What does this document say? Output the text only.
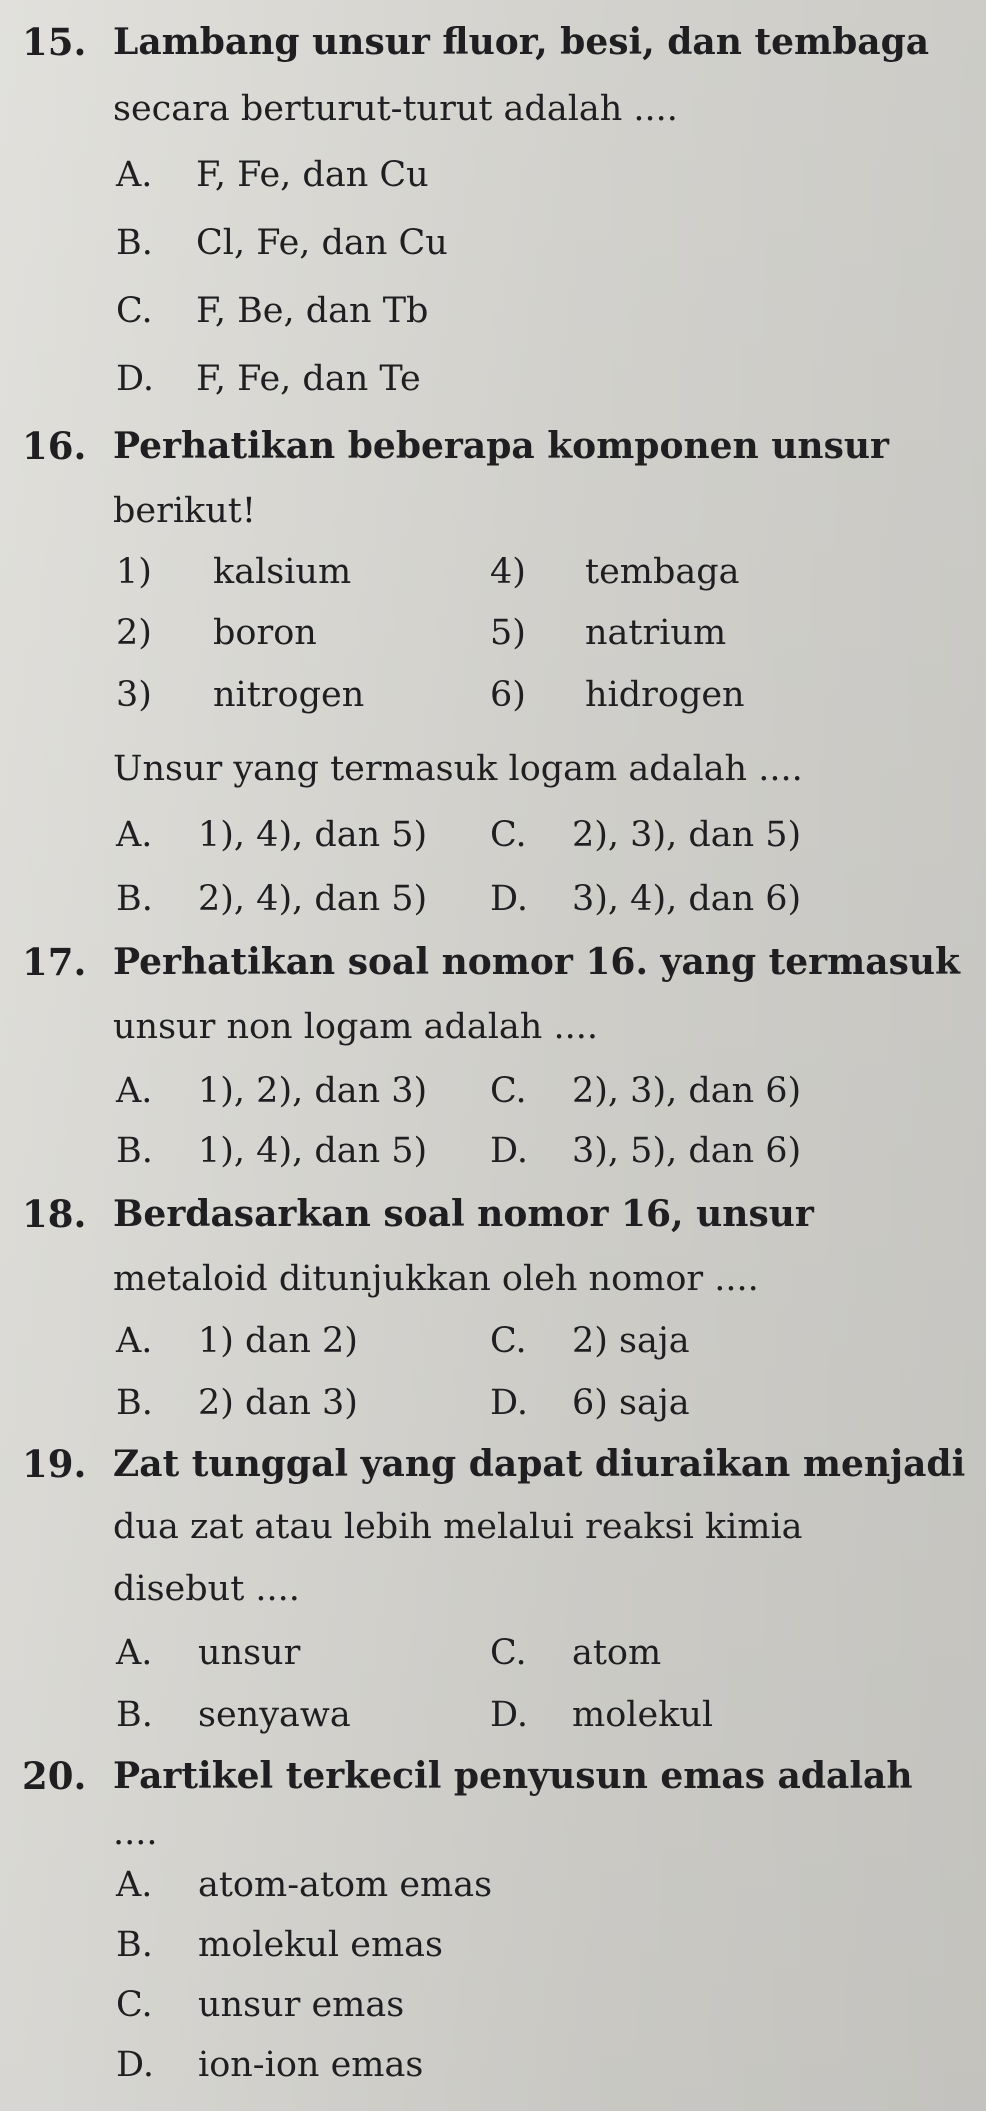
15. Lambang unsur fluor, besi, dan tembaga
secara berturut-turut adalah ....
A. F, Fe, dan Cu
B. Cl, Fe, dan Cu
C. F, Be, dan Tb
D. F, Fe, dan Te
16. Perhatikan beberapa komponen unsur
berikut!
1) kalsium
2) boron
3) nitrogen
4) tembaga
5) natrium
6) hidrogen
Unsur yang termasuk logam adalah ....
A. 1), 4), dan 5)
B. 2), 4), dan 5)
C. 2), 3), dan 5)
D. 3), 4), dan 6)
17. Perhatikan soal nomor 16. yang termasuk
unsur non logam adalah ....
A. 1), 2), dan 3)
B. 1), 4), dan 5)
C. 2), 3), dan 6)
D. 3), 5), dan 6)
18. Berdasarkan soal nomor 16, unsur
metaloid ditunjukkan oleh nomor ....
A. 1) dan 2)
B. 2) dan 3)
C. 2) saja
D. 6) saja
19. Zat tunggal yang dapat diuraikan menjadi
dua zat atau lebih melalui reaksi kimia
disebut ....
A. unsur
B. senyawa
C. atom
D. molekul
20. Partikel terkecil penyusun emas adalah
....
A. atom-atom emas
B. molekul emas
C. unsur emas
D. ion-ion emas
